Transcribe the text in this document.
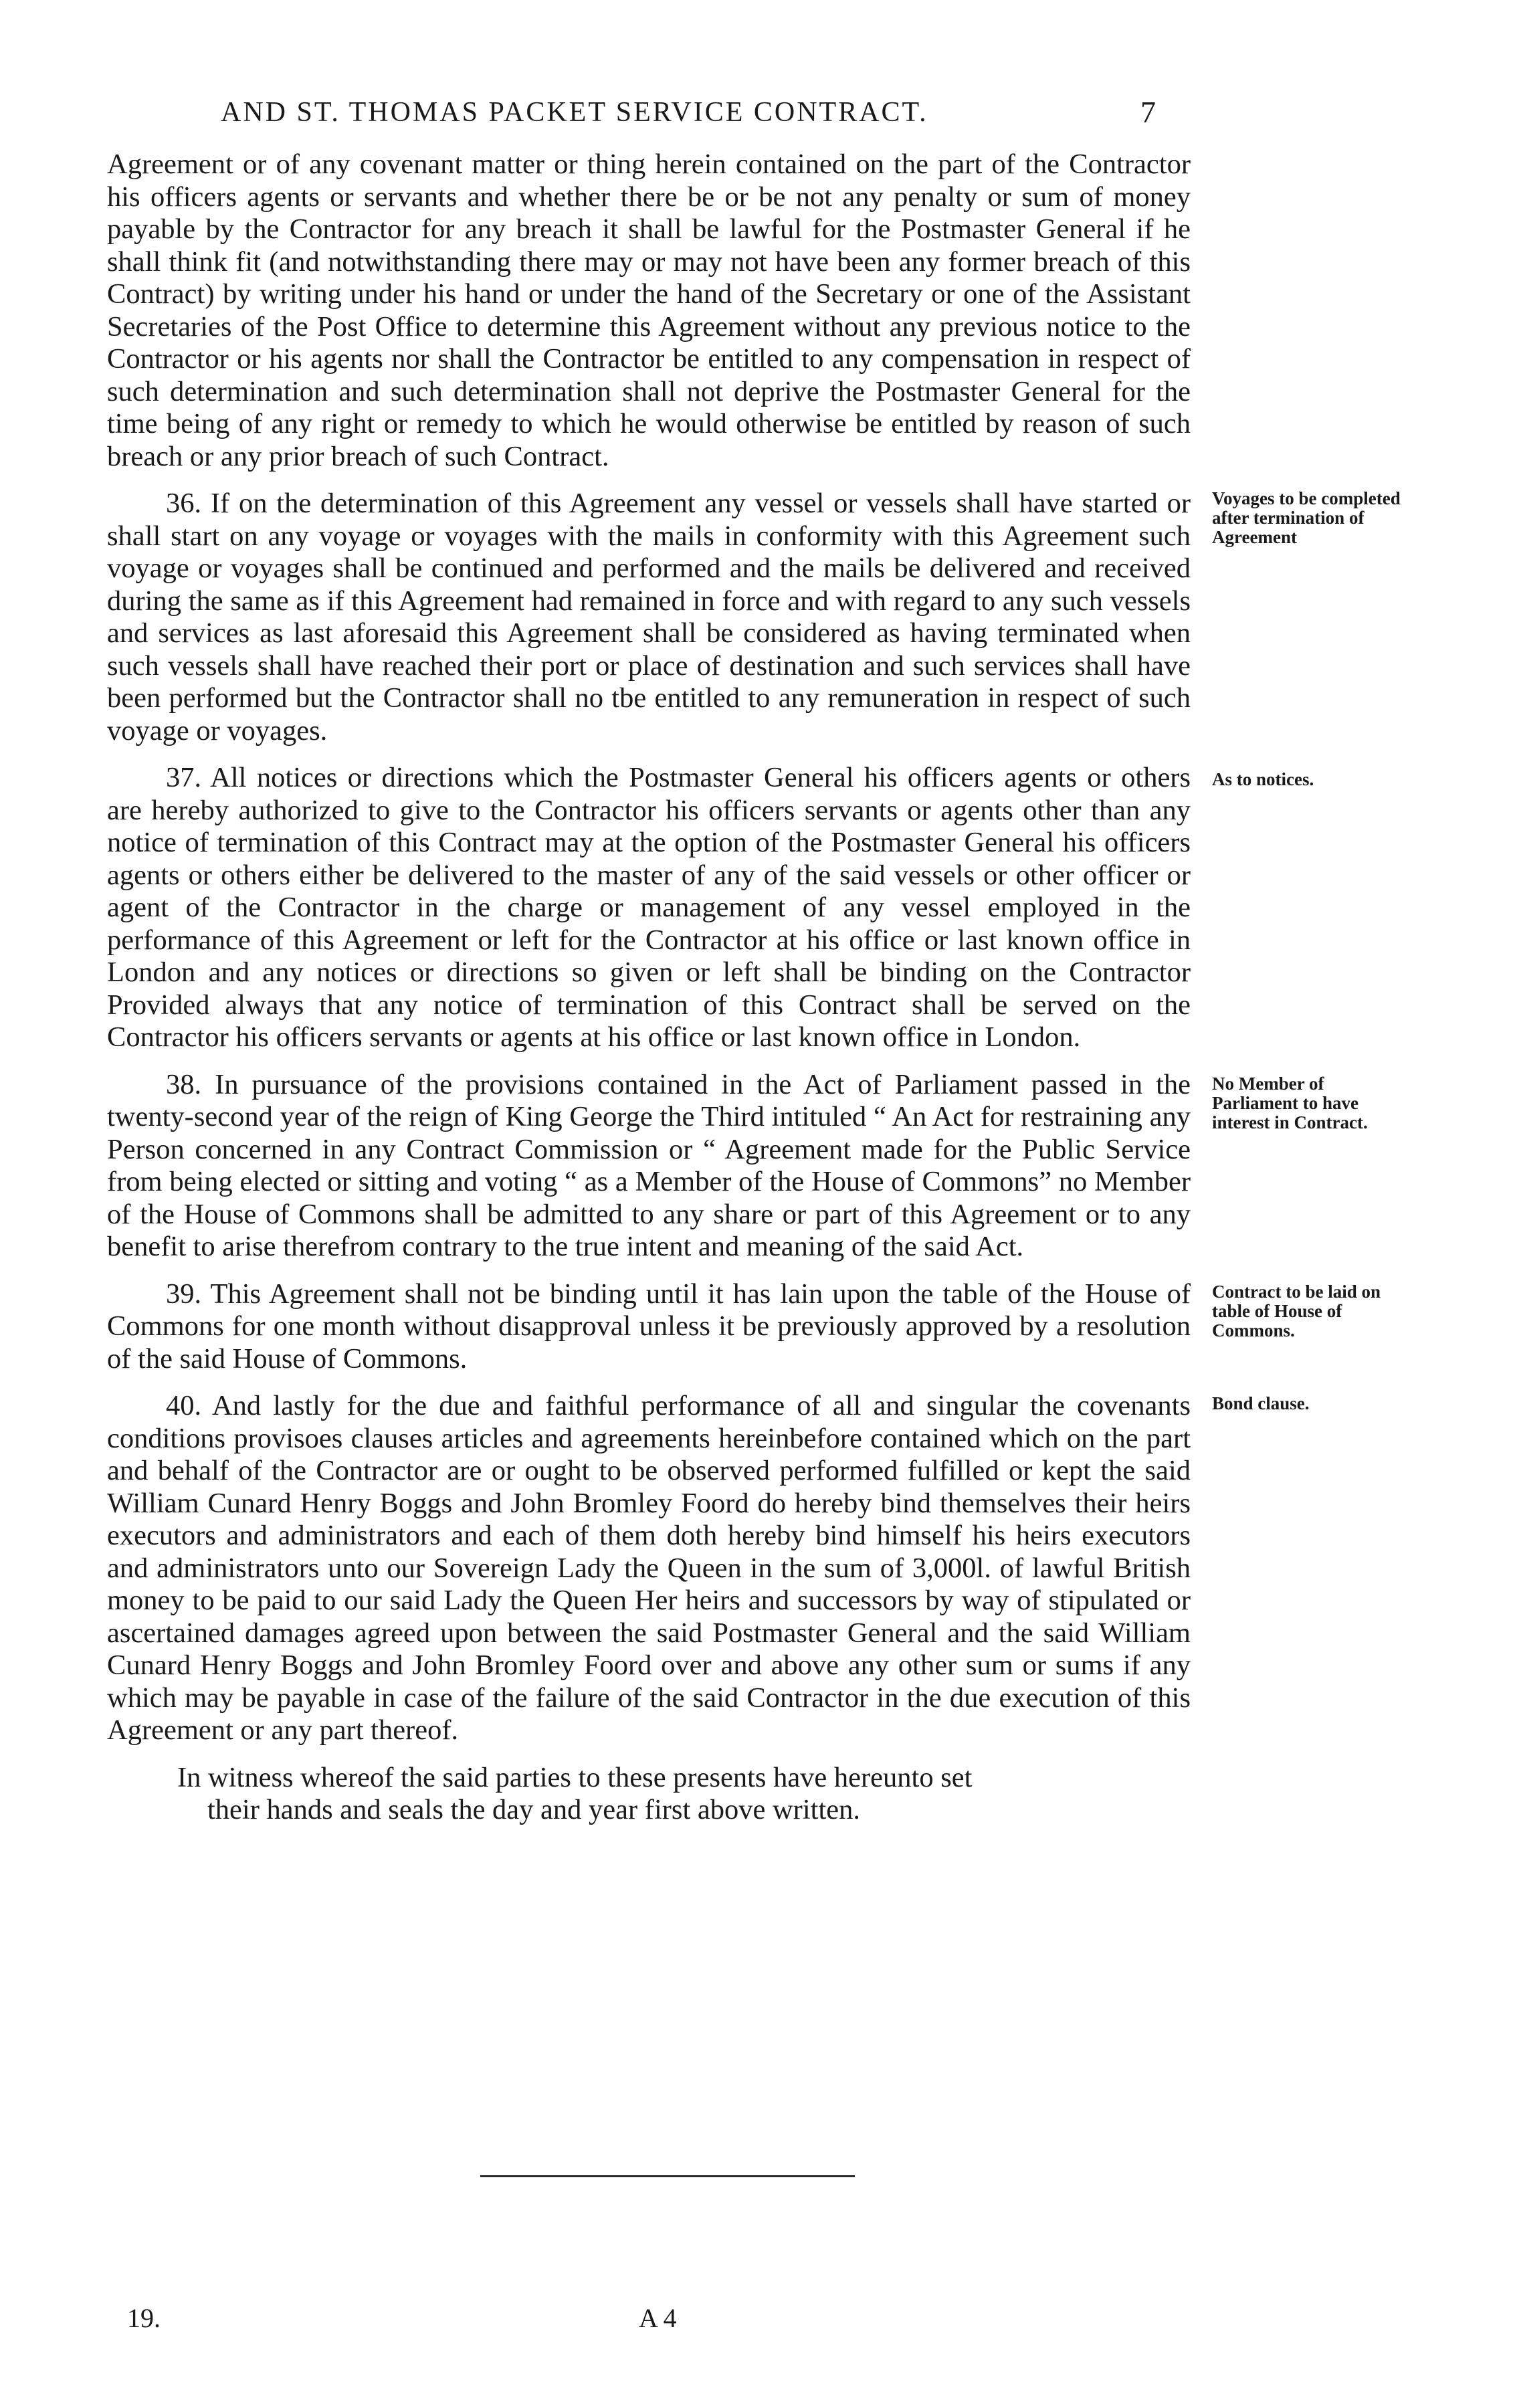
AND ST. THOMAS PACKET SERVICE CONTRACT.	7

Agreement or of any covenant matter or thing herein contained on the part of the Contractor his officers agents or servants and whether there be or be not any penalty or sum of money payable by the Contractor for any breach it shall be lawful for the Postmaster General if he shall think fit (and notwithstanding there may or may not have been any former breach of this Contract) by writing under his hand or under the hand of the Secretary or one of the Assistant Secretaries of the Post Office to determine this Agreement without any previous notice to the Contractor or his agents nor shall the Contractor be entitled to any compensation in respect of such determination and such determination shall not deprive the Postmaster General for the time being of any right or remedy to which he would otherwise be entitled by reason of such breach or any prior breach of such Contract.

36. If on the determination of this Agreement any vessel or vessels shall have started or shall start on any voyage or voyages with the mails in conformity with this Agreement such voyage or voyages shall be continued and performed and the mails be delivered and received during the same as if this Agreement had remained in force and with regard to any such vessels and services as last aforesaid this Agreement shall be considered as having terminated when such vessels shall have reached their port or place of destination and such services shall have been performed but the Contractor shall no tbe entitled to any remuneration in respect of such voyage or voyages.
Voyages to be completed after termination of Agreement

37. All notices or directions which the Postmaster General his officers agents or others are hereby authorized to give to the Contractor his officers servants or agents other than any notice of termination of this Contract may at the option of the Postmaster General his officers agents or others either be delivered to the master of any of the said vessels or other officer or agent of the Contractor in the charge or management of any vessel employed in the performance of this Agreement or left for the Contractor at his office or last known office in London and any notices or directions so given or left shall be binding on the Contractor Provided always that any notice of termination of this Contract shall be served on the Contractor his officers servants or agents at his office or last known office in London.
As to notices.

38. In pursuance of the provisions contained in the Act of Parliament passed in the twenty-second year of the reign of King George the Third intituled “ An Act for restraining any Person concerned in any Contract Commission or “ Agreement made for the Public Service from being elected or sitting and voting “ as a Member of the House of Commons” no Member of the House of Commons shall be admitted to any share or part of this Agreement or to any benefit to arise therefrom contrary to the true intent and meaning of the said Act.
No Member of Parliament to have interest in Contract.

39. This Agreement shall not be binding until it has lain upon the table of the House of Commons for one month without disapproval unless it be previously approved by a resolution of the said House of Commons.
Contract to be laid on table of House of Commons.

40. And lastly for the due and faithful performance of all and singular the covenants conditions provisoes clauses articles and agreements hereinbefore contained which on the part and behalf of the Contractor are or ought to be observed performed fulfilled or kept the said William Cunard Henry Boggs and John Bromley Foord do hereby bind themselves their heirs executors and administrators and each of them doth hereby bind himself his heirs executors and administrators unto our Sovereign Lady the Queen in the sum of 3,000l. of lawful British money to be paid to our said Lady the Queen Her heirs and successors by way of stipulated or ascertained damages agreed upon between the said Postmaster General and the said William Cunard Henry Boggs and John Bromley Foord over and above any other sum or sums if any which may be payable in case of the failure of the said Contractor in the due execution of this Agreement or any part thereof.
Bond clause.

In witness whereof the said parties to these presents have hereunto set
their hands and seals the day and year first above written.

19.	A 4
